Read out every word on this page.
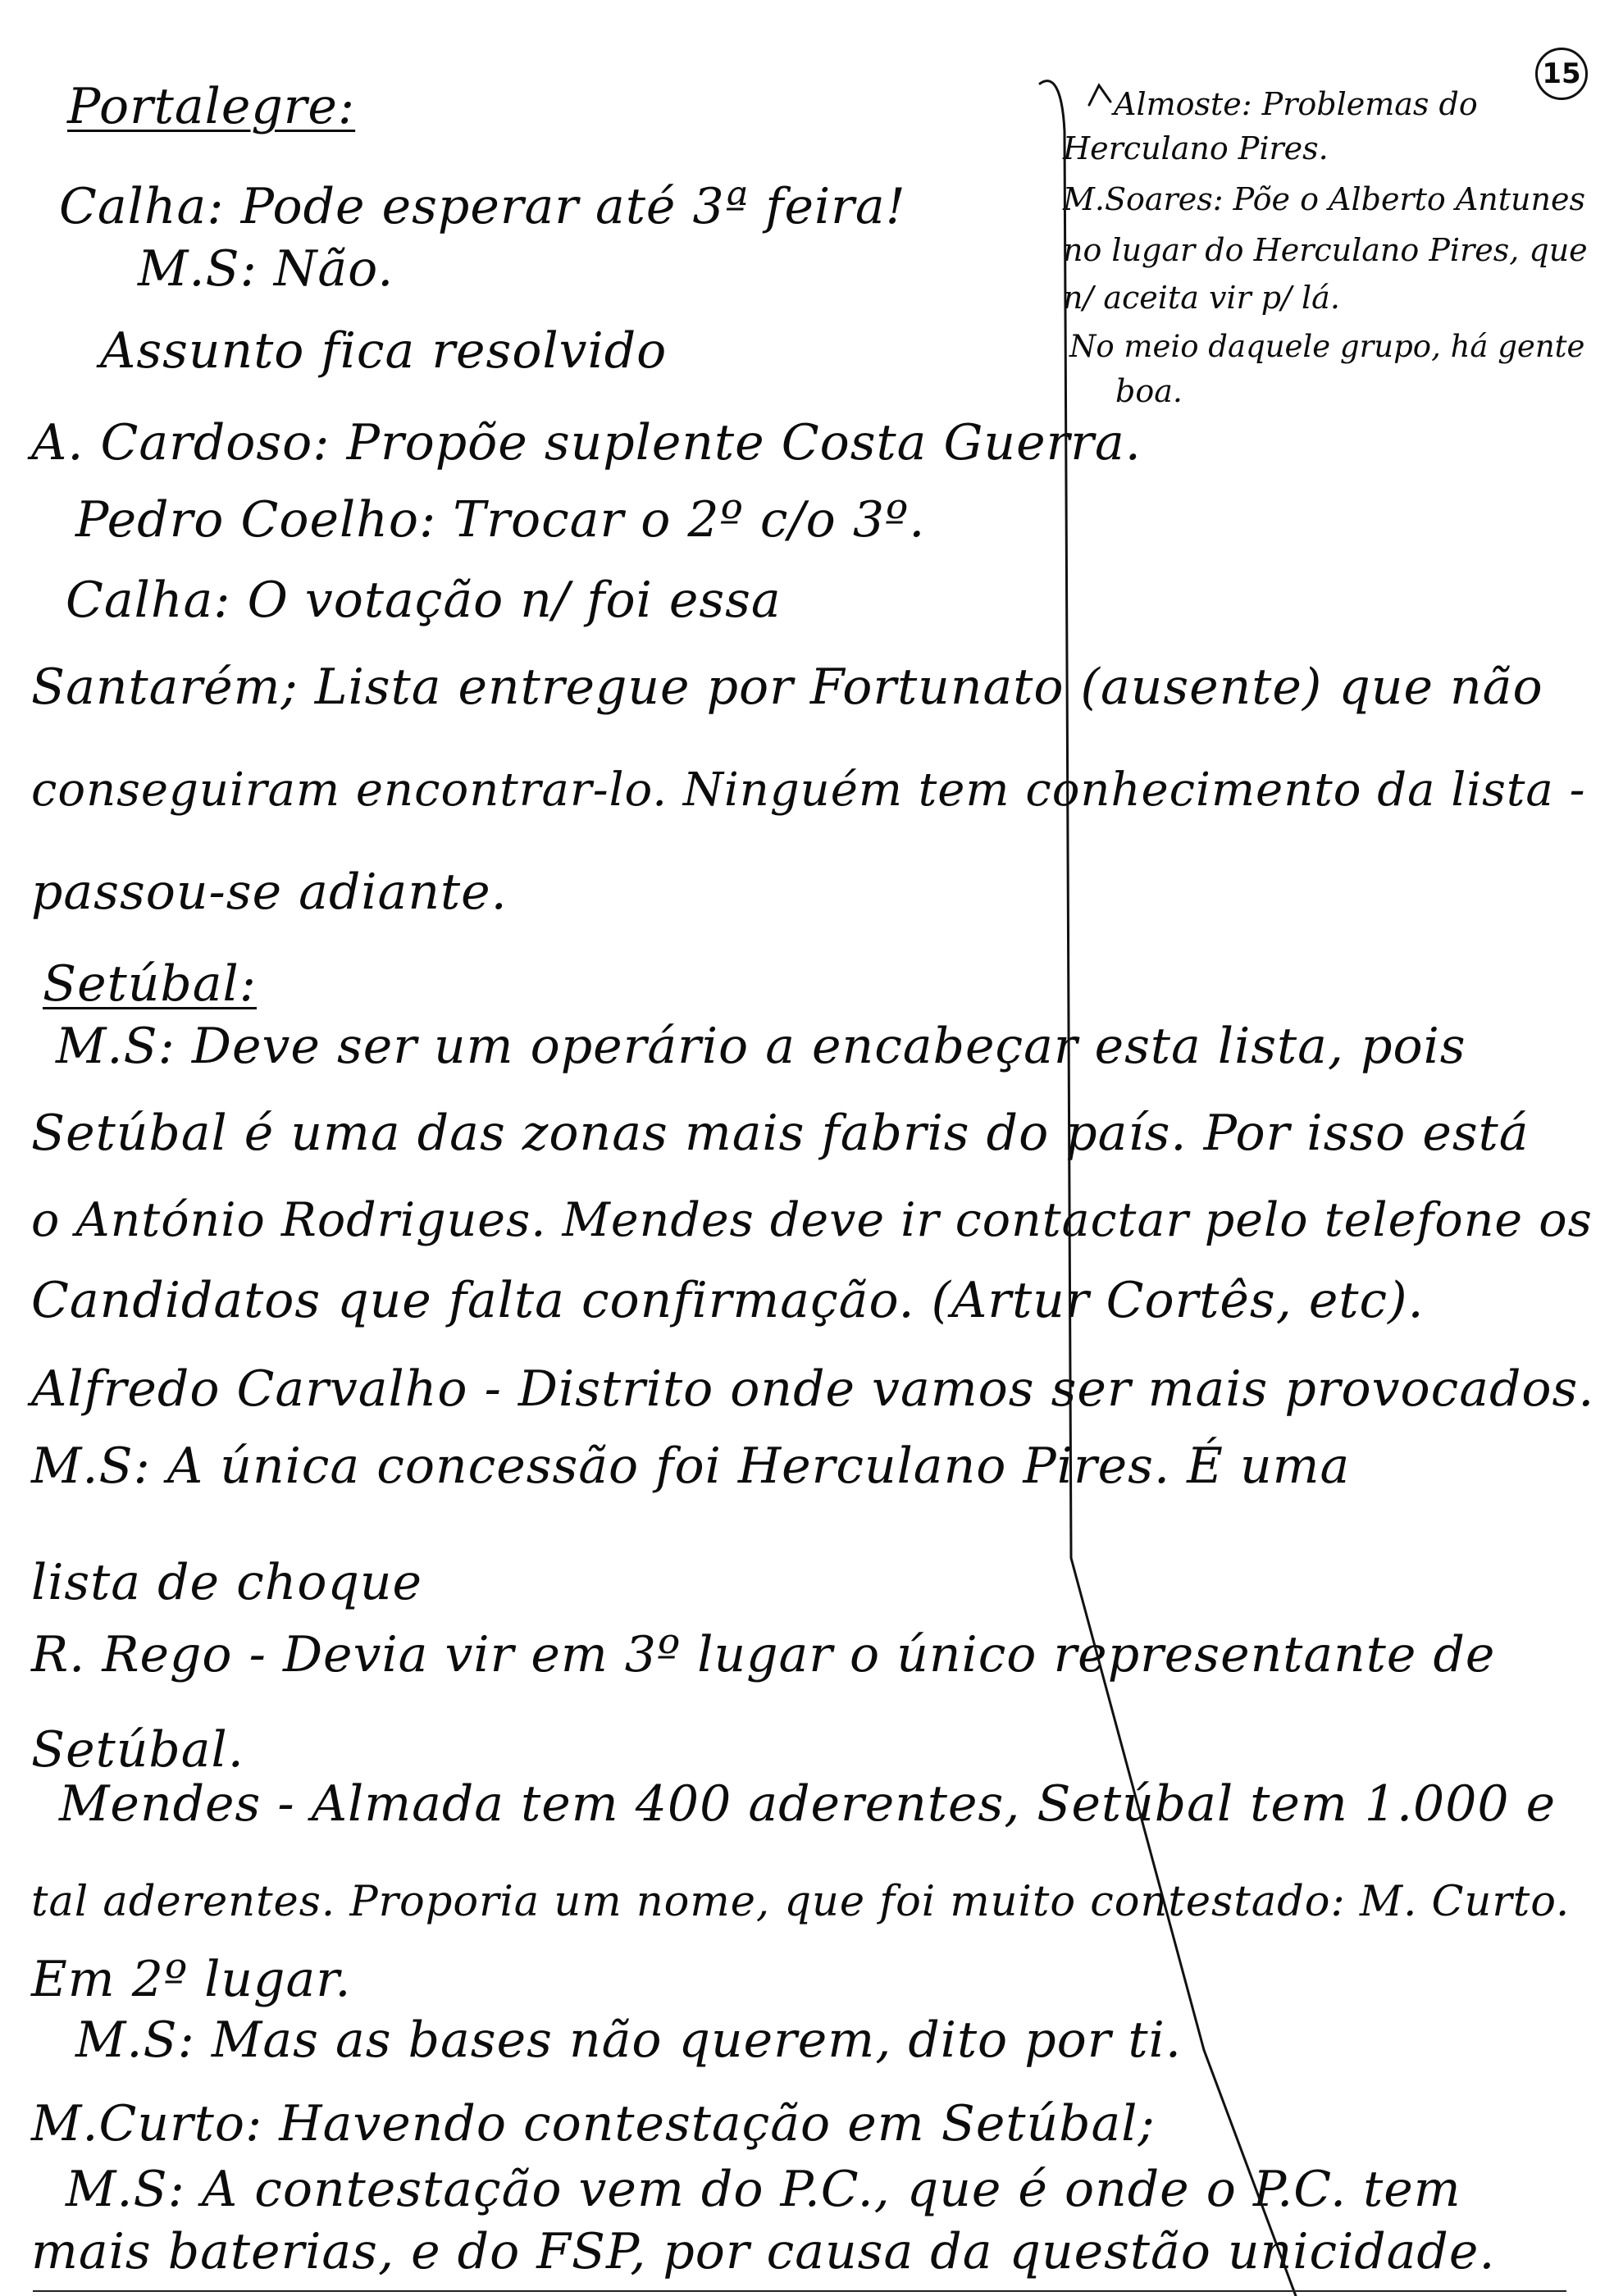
15
Portalegre:
Calha: Pode esperar até 3ª feira!
M.S: Não.
Assunto fica resolvido
A. Cardoso: Propõe suplente Costa Guerra.
Pedro Coelho: Trocar o 2º c/o 3º.
Calha: O votação n/ foi essa
Santarém; Lista entregue por Fortunato (ausente) que não
conseguiram encontrar-lo. Ninguém tem conhecimento da lista -
passou-se adiante.
Setúbal:
M.S: Deve ser um operário a encabeçar esta lista, pois
Setúbal é uma das zonas mais fabris do país. Por isso está
o António Rodrigues. Mendes deve ir contactar pelo telefone os
Candidatos que falta confirmação. (Artur Cortês, etc).
Alfredo Carvalho - Distrito onde vamos ser mais provocados.
M.S: A única concessão foi Herculano Pires. É uma
lista de choque
R. Rego - Devia vir em 3º lugar o único representante de
Setúbal.
Mendes - Almada tem 400 aderentes, Setúbal tem 1.000 e
tal aderentes. Proporia um nome, que foi muito contestado: M. Curto.
Em 2º lugar.
M.S: Mas as bases não querem, dito por ti.
M.Curto: Havendo contestação em Setúbal;
M.S: A contestação vem do P.C., que é onde o P.C. tem
mais baterias, e do FSP, por causa da questão unicidade.
Almoste: Problemas do
Herculano Pires.
M.Soares: Põe o Alberto Antunes
no lugar do Herculano Pires, que
n/ aceita vir p/ lá.
No meio daquele grupo, há gente
boa.
